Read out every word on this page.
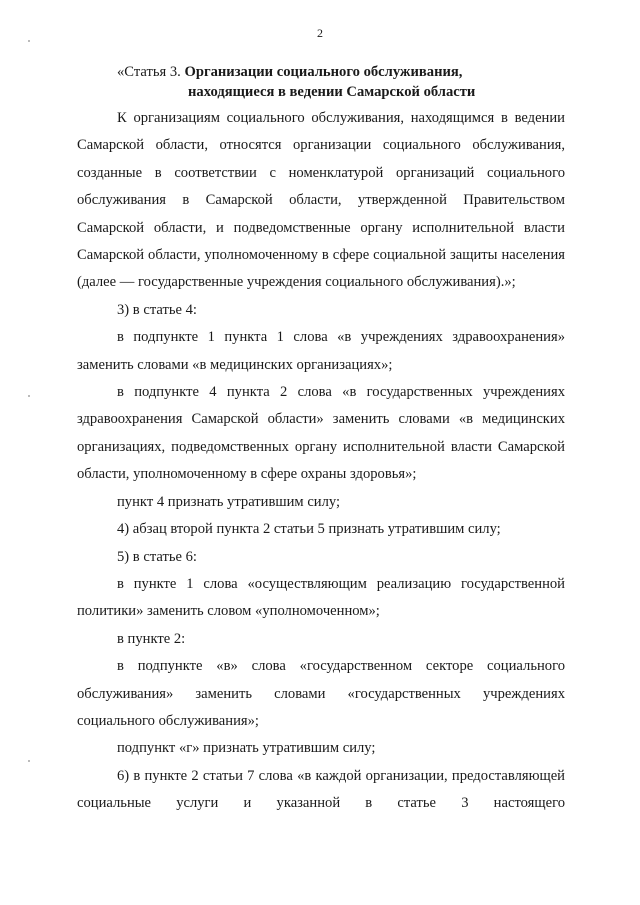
2

«Статья 3. Организации социального обслуживания,
находящиеся в ведении Самарской области

К организациям социального обслуживания, находящимся в ведении Самарской области, относятся организации социального обслуживания, созданные в соответствии с номенклатурой организаций социального обслуживания в Самарской области, утвержденной Правительством Самарской области, и подведомственные органу исполнительной власти Самарской области, уполномоченному в сфере социальной защиты населения (далее — государственные учреждения социального обслуживания).»;

3) в статье 4:

в подпункте 1 пункта 1 слова «в учреждениях здравоохранения» заменить словами «в медицинских организациях»;

в подпункте 4 пункта 2 слова «в государственных учреждениях здравоохранения Самарской области» заменить словами «в медицинских организациях, подведомственных органу исполнительной власти Самарской области, уполномоченному в сфере охраны здоровья»;

пункт 4 признать утратившим силу;

4) абзац второй пункта 2 статьи 5 признать утратившим силу;

5) в статье 6:

в пункте 1 слова «осуществляющим реализацию государственной политики» заменить словом «уполномоченном»;

в пункте 2:

в подпункте «в» слова «государственном секторе социального обслуживания» заменить словами «государственных учреждениях социального обслуживания»;

подпункт «г» признать утратившим силу;

6) в пункте 2 статьи 7 слова «в каждой организации, предоставляющей социальные услуги и указанной в статье 3 настоящего
